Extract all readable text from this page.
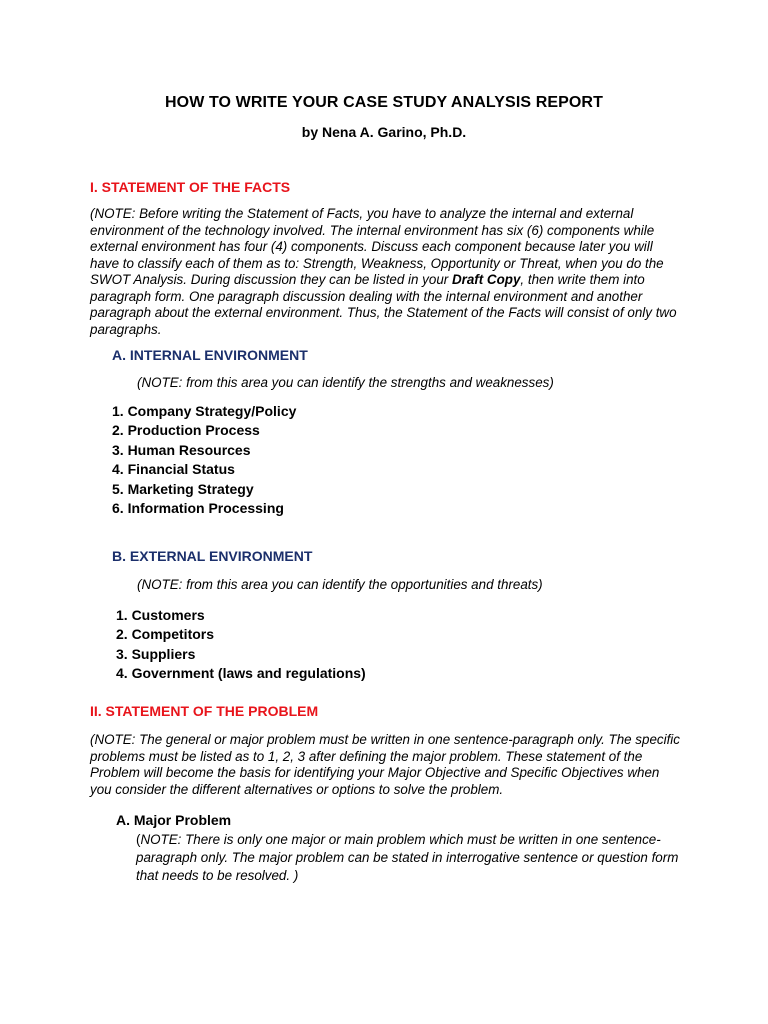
HOW TO WRITE YOUR CASE STUDY ANALYSIS REPORT
by Nena A. Garino, Ph.D.
I. STATEMENT OF THE FACTS
(NOTE: Before writing the Statement of Facts, you have to analyze the internal and external environment of the technology involved. The internal environment has six (6) components while external environment has four (4) components. Discuss each component because later you will have to classify each of them as to: Strength, Weakness, Opportunity or Threat, when you do the SWOT Analysis. During discussion they can be listed in your Draft Copy, then write them into paragraph form. One paragraph discussion dealing with the internal environment and another paragraph about the external environment. Thus, the Statement of the Facts will consist of only two paragraphs.
A. INTERNAL ENVIRONMENT
(NOTE: from this area you can identify the strengths and weaknesses)
1. Company Strategy/Policy
2. Production Process
3. Human Resources
4. Financial Status
5. Marketing Strategy
6. Information Processing
B. EXTERNAL ENVIRONMENT
(NOTE: from this area you can identify the opportunities and threats)
1. Customers
2. Competitors
3. Suppliers
4. Government (laws and regulations)
II. STATEMENT OF THE PROBLEM
(NOTE: The general or major problem must be written in one sentence-paragraph only. The specific problems must be listed as to 1, 2, 3 after defining the major problem. These statement of the Problem will become the basis for identifying your Major Objective and Specific Objectives when you consider the different alternatives or options to solve the problem.
A. Major Problem
(NOTE: There is only one major or main problem which must be written in one sentence-paragraph only. The major problem can be stated in interrogative sentence or question form that needs to be resolved. )
